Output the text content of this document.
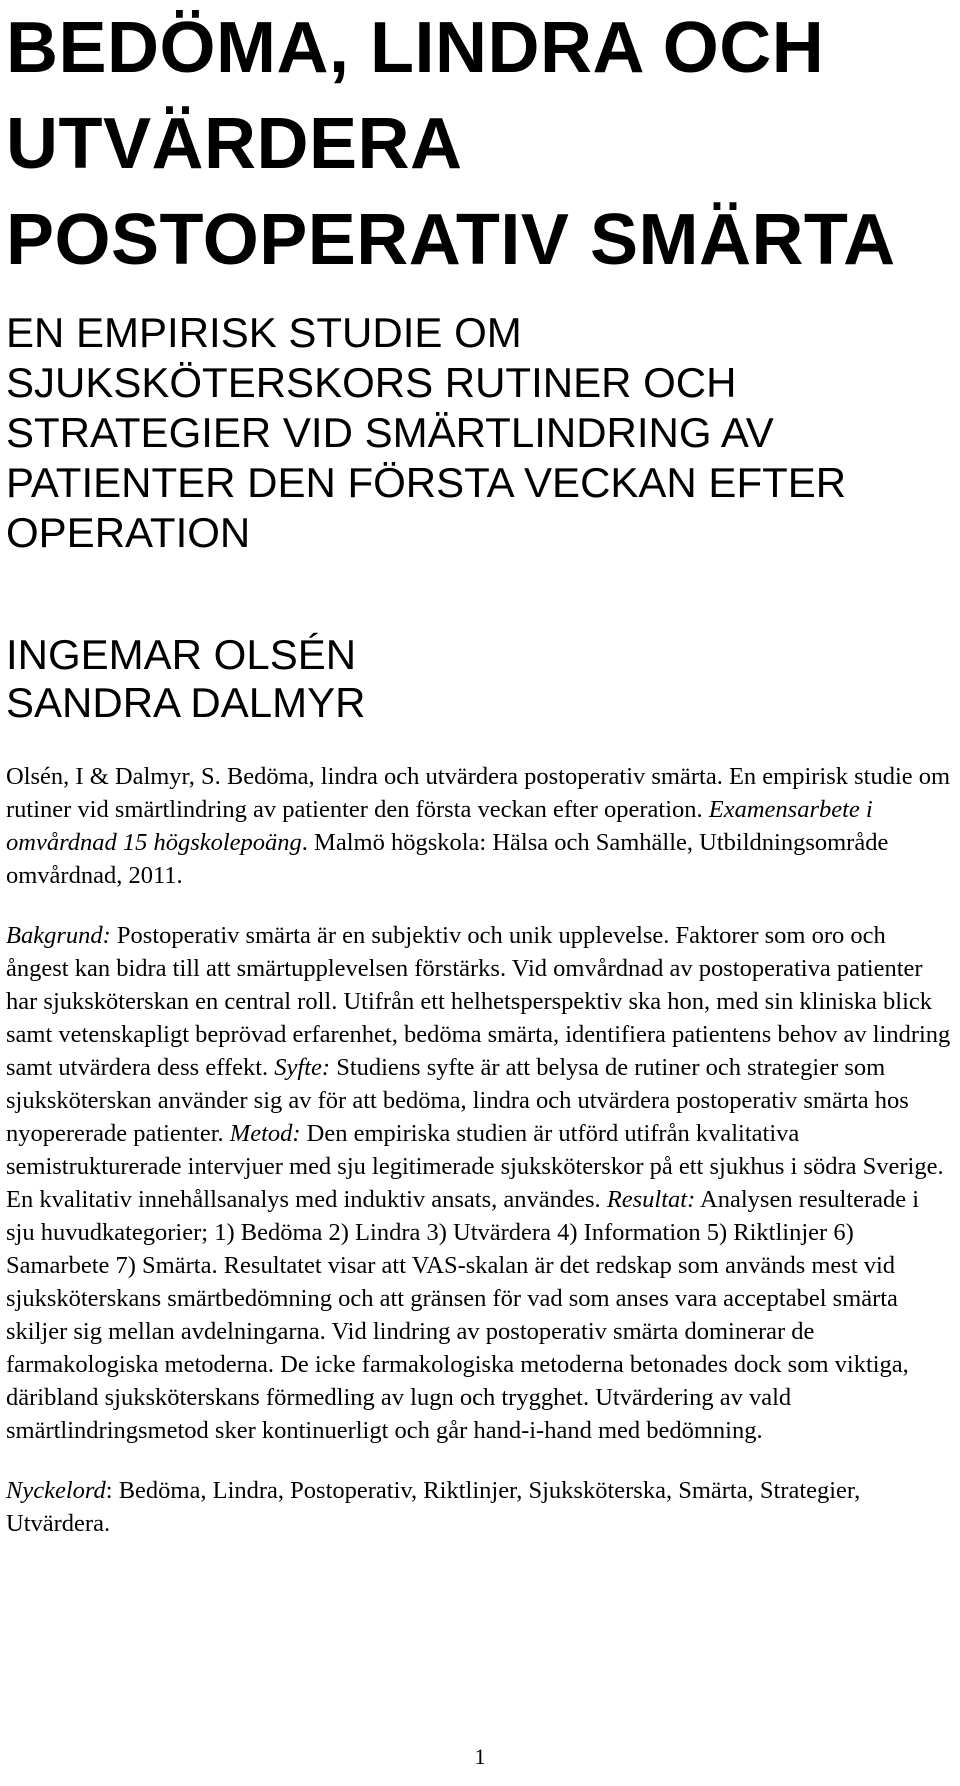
BEDÖMA, LINDRA OCH
UTVÄRDERA
POSTOPERATIV SMÄRTA
EN EMPIRISK STUDIE OM
SJUKSKÖTERSKORS RUTINER OCH
STRATEGIER VID SMÄRTLINDRING AV
PATIENTER DEN FÖRSTA VECKAN EFTER
OPERATION
INGEMAR OLSÉN
SANDRA DALMYR

Olsén, I & Dalmyr, S. Bedöma, lindra och utvärdera postoperativ smärta. En empirisk studie om rutiner vid smärtlindring av patienter den första veckan efter operation. Examensarbete i omvårdnad 15 högskolepoäng. Malmö högskola: Hälsa och Samhälle, Utbildningsområde omvårdnad, 2011.

Bakgrund: Postoperativ smärta är en subjektiv och unik upplevelse. Faktorer som oro och ångest kan bidra till att smärtupplevelsen förstärks. Vid omvårdnad av postoperativa patienter har sjuksköterskan en central roll. Utifrån ett helhetsperspektiv ska hon, med sin kliniska blick samt vetenskapligt beprövad erfarenhet, bedöma smärta, identifiera patientens behov av lindring samt utvärdera dess effekt. Syfte: Studiens syfte är att belysa de rutiner och strategier som sjuksköterskan använder sig av för att bedöma, lindra och utvärdera postoperativ smärta hos nyopererade patienter. Metod: Den empiriska studien är utförd utifrån kvalitativa semistrukturerade intervjuer med sju legitimerade sjuksköterskor på ett sjukhus i södra Sverige. En kvalitativ innehållsanalys med induktiv ansats, användes. Resultat: Analysen resulterade i sju huvudkategorier; 1) Bedöma 2) Lindra 3) Utvärdera 4) Information 5) Riktlinjer 6) Samarbete 7) Smärta. Resultatet visar att VAS-skalan är det redskap som används mest vid sjuksköterskans smärtbedömning och att gränsen för vad som anses vara acceptabel smärta skiljer sig mellan avdelningarna. Vid lindring av postoperativ smärta dominerar de farmakologiska metoderna. De icke farmakologiska metoderna betonades dock som viktiga, däribland sjuksköterskans förmedling av lugn och trygghet. Utvärdering av vald smärtlindringsmetod sker kontinuerligt och går hand-i-hand med bedömning.

Nyckelord: Bedöma, Lindra, Postoperativ, Riktlinjer, Sjuksköterska, Smärta, Strategier, Utvärdera.

1
